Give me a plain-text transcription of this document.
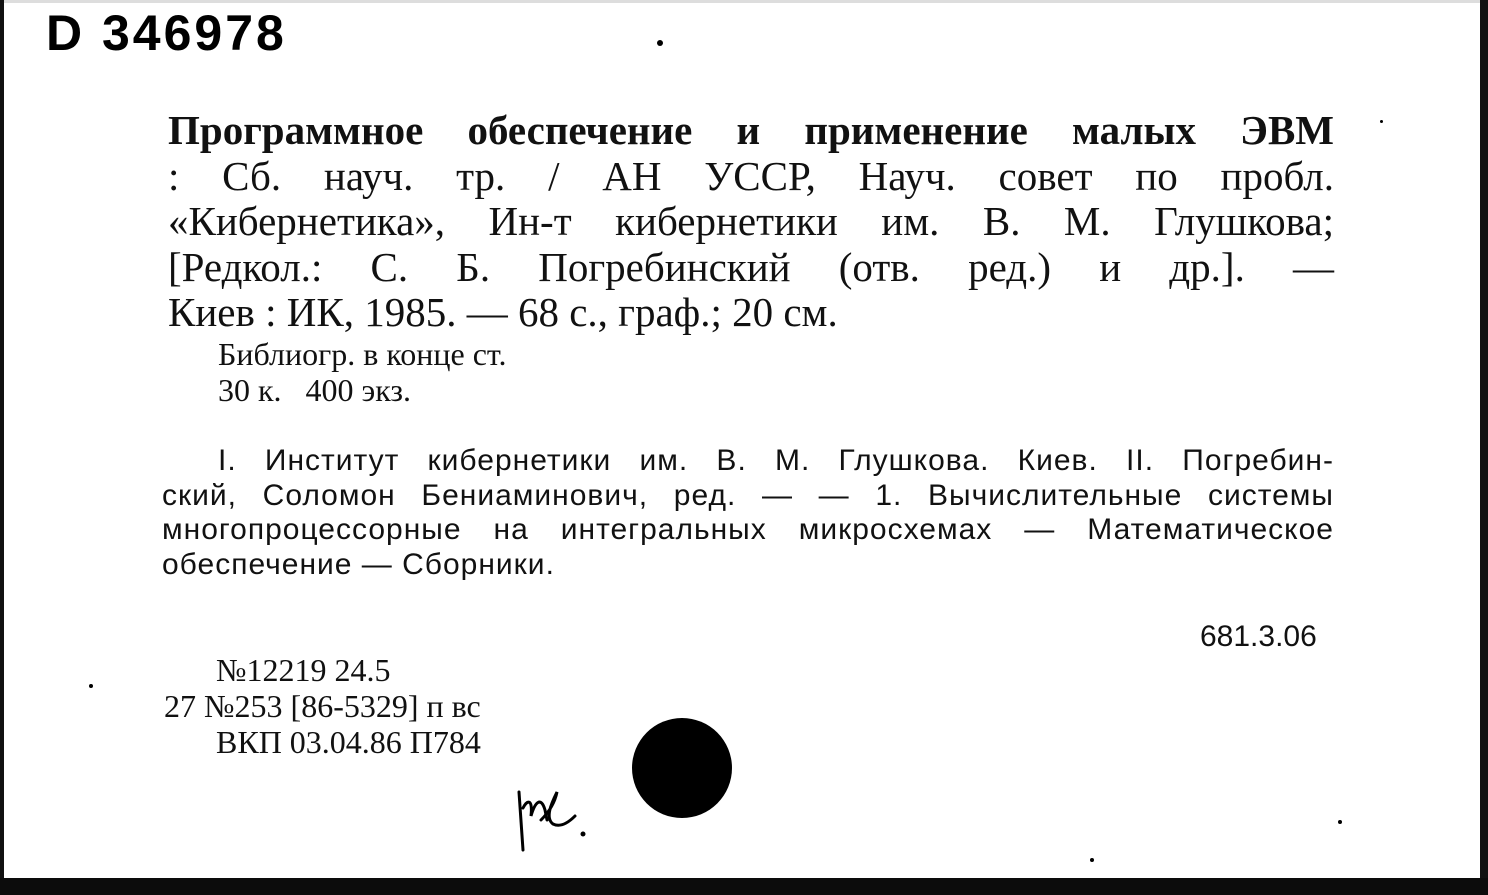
D 346978
Программное обеспечение и применение малых ЭВМ
: Сб. науч. тр. / АН УССР, Науч. совет по пробл.
«Кибернетика», Ин-т кибернетики им. В. М. Глушкова;
[Редкол.: С. Б. Погребинский (отв. ред.) и др.]. —
Киев : ИК, 1985. — 68 с., граф.; 20 см.
Библиогр. в конце ст.
30 к.   400 экз.
I. Институт кибернетики им. В. М. Глушкова. Киев. II. Погребин-
ский, Соломон Бениаминович, ред. — — 1. Вычислительные системы
многопроцессорные на интегральных микросхемах — Математическое
обеспечение — Сборники.
681.3.06
№12219 24.5
27 №253 [86-5329] п вс
ВКП 03.04.86 П784
